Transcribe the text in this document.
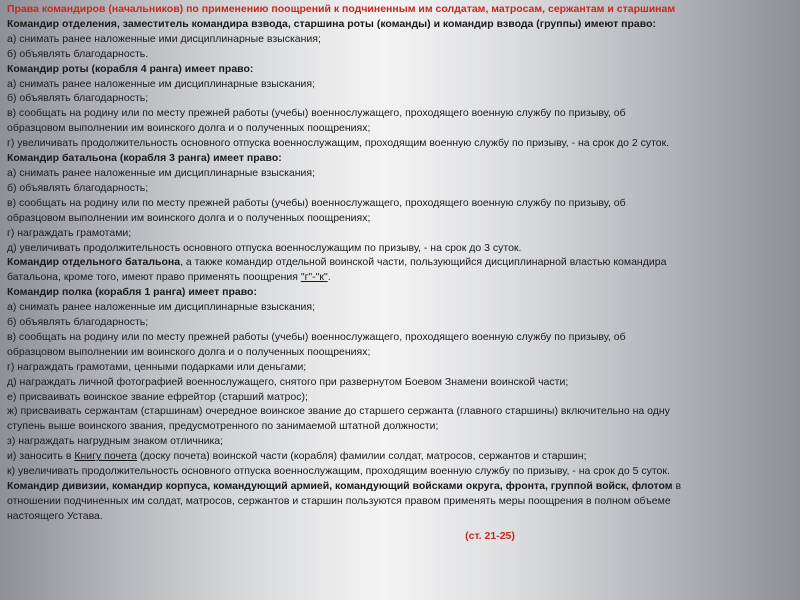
Права командиров (начальников) по применению поощрений к подчиненным им солдатам, матросам, сержантам и старшинам
Командир отделения, заместитель командира взвода, старшина роты (команды) и командир взвода (группы) имеют право:
а) снимать ранее наложенные ими дисциплинарные взыскания;
б) объявлять благодарность.
Командир роты (корабля 4 ранга) имеет право:
а) снимать ранее наложенные им дисциплинарные взыскания;
б) объявлять благодарность;
в) сообщать на родину или по месту прежней работы (учебы) военнослужащего, проходящего военную службу по призыву, об
образцовом выполнении им воинского долга и о полученных поощрениях;
г) увеличивать продолжительность основного отпуска военнослужащим, проходящим военную службу по призыву, - на срок до 2 суток.
Командир батальона (корабля 3 ранга) имеет право:
а) снимать ранее наложенные им дисциплинарные взыскания;
б) объявлять благодарность;
в) сообщать на родину или по месту прежней работы (учебы) военнослужащего, проходящего военную службу по призыву, об
образцовом выполнении им воинского долга и о полученных поощрениях;
г) награждать грамотами;
д) увеличивать продолжительность основного отпуска военнослужащим по призыву, - на срок до 3 суток.
Командир отдельного батальона, а также командир отдельной воинской части, пользующийся дисциплинарной властью командира
батальона, кроме того, имеют право применять поощрения "г"-"к".
Командир полка (корабля 1 ранга) имеет право:
а) снимать ранее наложенные им дисциплинарные взыскания;
б) объявлять благодарность;
в) сообщать на родину или по месту прежней работы (учебы) военнослужащего, проходящего военную службу по призыву, об
образцовом выполнении им воинского долга и о полученных поощрениях;
г) награждать грамотами, ценными подарками или деньгами;
д) награждать личной фотографией военнослужащего, снятого при развернутом Боевом Знамени воинской части;
е) присваивать воинское звание ефрейтор (старший матрос);
ж) присваивать сержантам (старшинам) очередное воинское звание до старшего сержанта (главного старшины) включительно на одну
ступень выше воинского звания, предусмотренного по занимаемой штатной должности;
з) награждать нагрудным знаком отличника;
и) заносить в Книгу почета (доску почета) воинской части (корабля) фамилии солдат, матросов, сержантов и старшин;
к) увеличивать продолжительность основного отпуска военнослужащим, проходящим военную службу по призыву, - на срок до 5 суток.
Командир дивизии, командир корпуса, командующий армией, командующий войсками округа, фронта, группой войск, флотом в
отношении подчиненных им солдат, матросов, сержантов и старшин пользуются правом применять меры поощрения в полном объеме
настоящего Устава.
(ст. 21-25)
